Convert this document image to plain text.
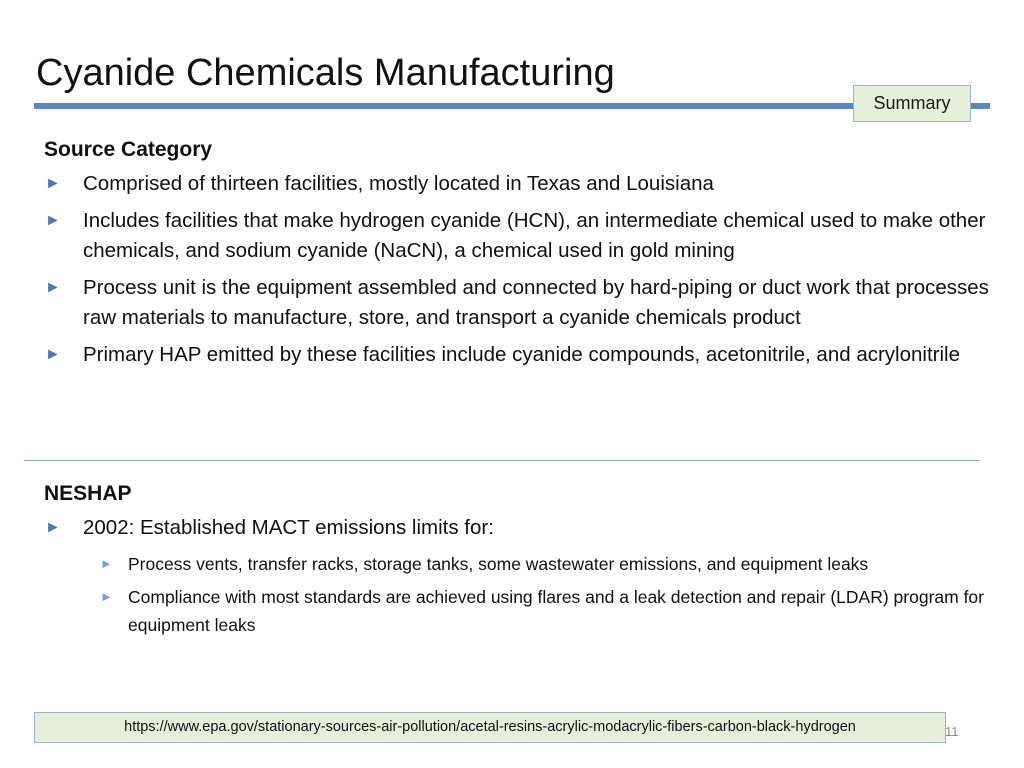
Cyanide Chemicals Manufacturing
Summary
Source Category
► Comprised of thirteen facilities, mostly located in Texas and Louisiana
► Includes facilities that make hydrogen cyanide (HCN), an intermediate chemical used to make other chemicals, and sodium cyanide (NaCN), a chemical used in gold mining
► Process unit is the equipment assembled and connected by hard-piping or duct work that processes raw materials to manufacture, store, and transport a cyanide chemicals product
► Primary HAP emitted by these facilities include cyanide compounds, acetonitrile, and acrylonitrile
NESHAP
► 2002: Established MACT emissions limits for:
► Process vents, transfer racks, storage tanks, some wastewater emissions, and equipment leaks
► Compliance with most standards are achieved using flares and a leak detection and repair (LDAR) program for equipment leaks
https://www.epa.gov/stationary-sources-air-pollution/acetal-resins-acrylic-modacrylic-fibers-carbon-black-hydrogen	11
